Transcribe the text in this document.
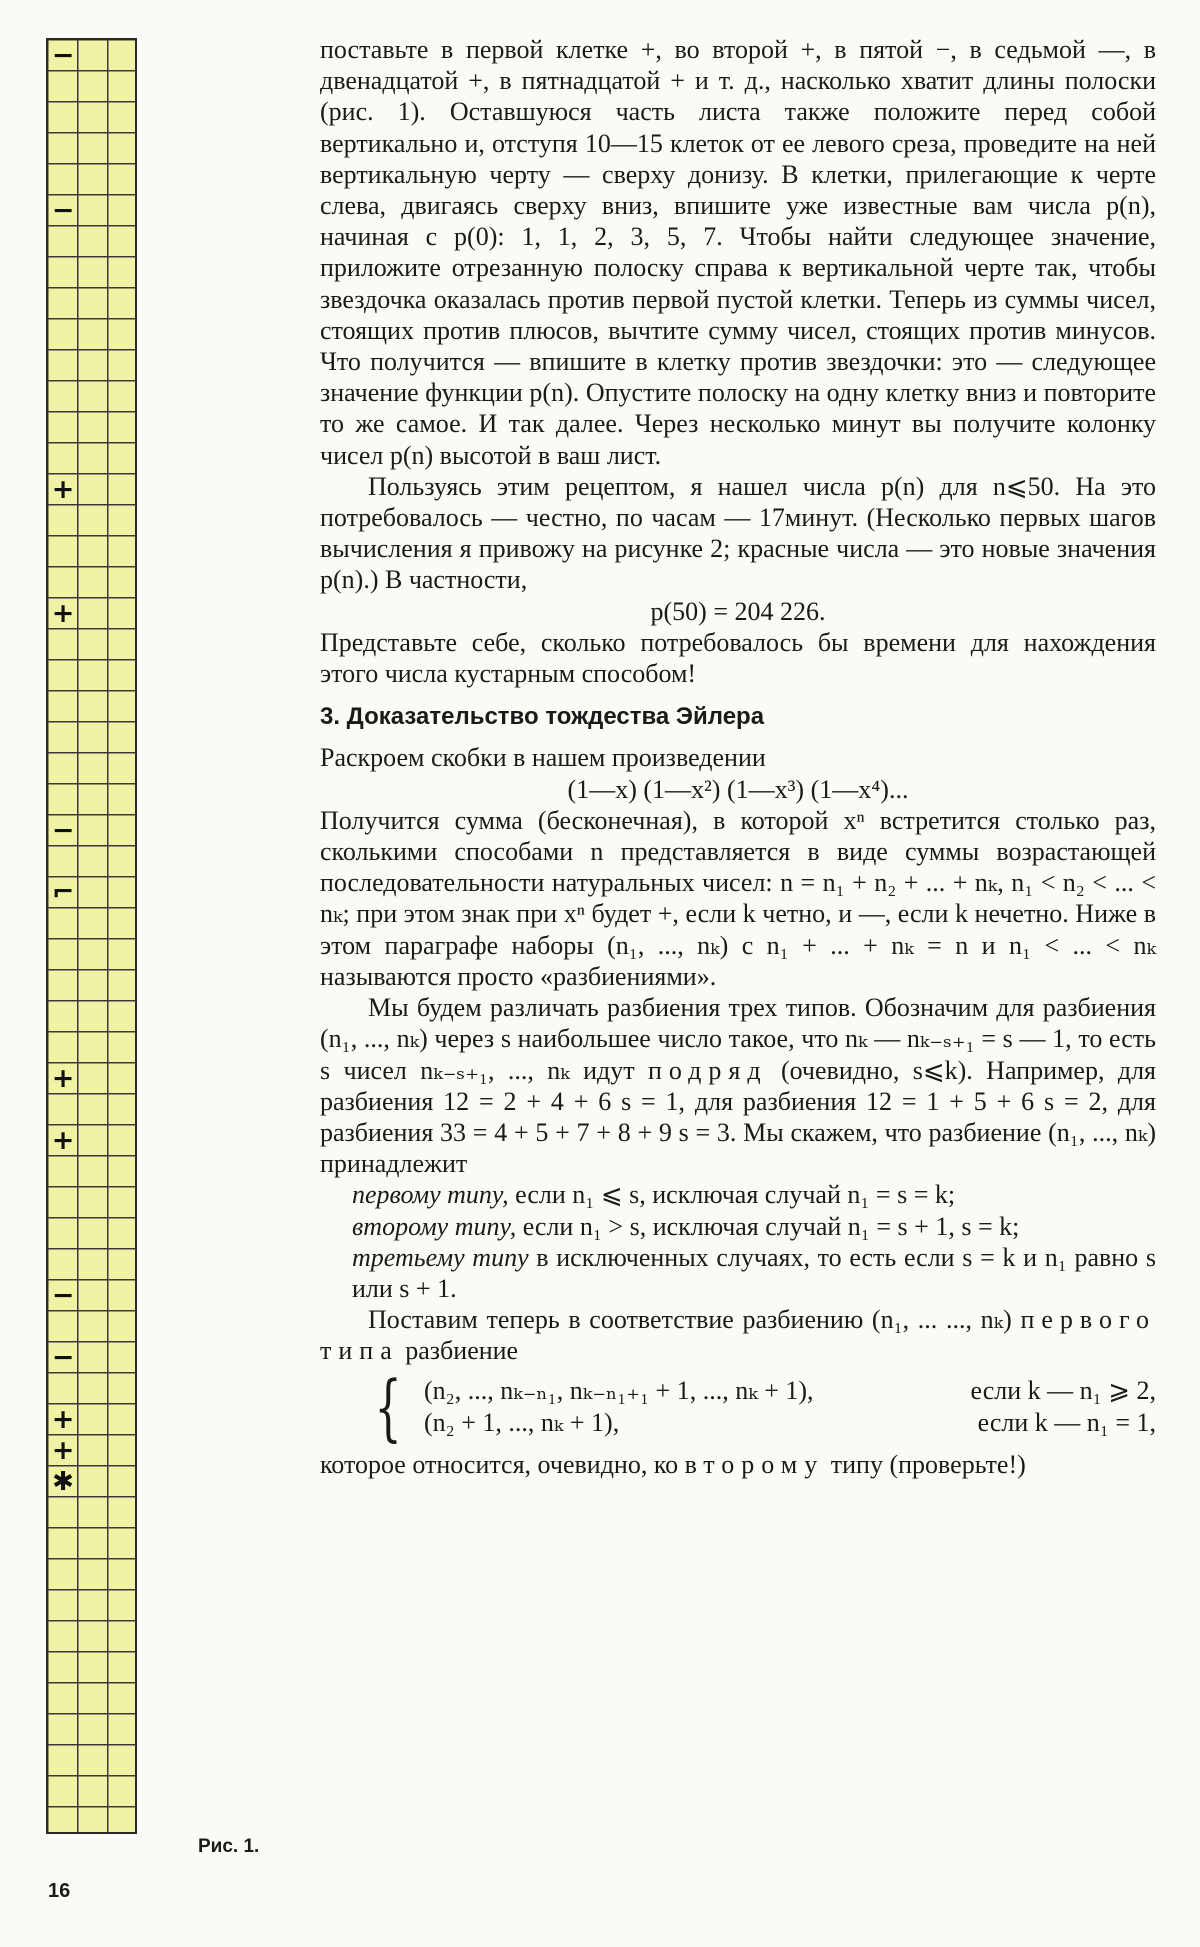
−
−
+
+
−
⌐
+
+
−
−
+
+
✱
Рис. 1.
16

поставьте в первой клетке +, во второй +, в пятой −, в седьмой —, в двенадцатой +, в пятнадцатой + и т. д., насколько хватит длины полоски (рис. 1). Оставшуюся часть листа также положите перед собой вертикально и, отступя 10—15 клеток от ее левого среза, проведите на ней вертикальную черту — сверху донизу. В клетки, прилегающие к черте слева, двигаясь сверху вниз, впишите уже известные вам числа p(n), начиная с p(0): 1, 1, 2, 3, 5, 7. Чтобы найти следующее значение, приложите отрезанную полоску справа к вертикальной черте так, чтобы звездочка оказалась против первой пустой клетки. Теперь из суммы чисел, стоящих против плюсов, вычтите сумму чисел, стоящих против минусов. Что получится — впишите в клетку против звездочки: это — следующее значение функции p(n). Опустите полоску на одну клетку вниз и повторите то же самое. И так далее. Через несколько минут вы получите колонку чисел p(n) высотой в ваш лист.

Пользуясь этим рецептом, я нашел числа p(n) для n⩽50. На это потребовалось — честно, по часам — 17минут. (Несколько первых шагов вычисления я привожу на рисунке 2; красные числа — это новые значения p(n).) В частности,

p(50) = 204 226.

Представьте себе, сколько потребовалось бы времени для нахождения этого числа кустарным способом!

3. Доказательство тождества Эйлера

Раскроем скобки в нашем произведении

(1—x) (1—x²) (1—x³) (1—x⁴)...

Получится сумма (бесконечная), в которой xⁿ встретится столько раз, сколькими способами n представляется в виде суммы возрастающей последовательности натуральных чисел: n = n₁ + n₂ + ... + nₖ, n₁ < n₂ < ... < nₖ; при этом знак при xⁿ будет +, если k четно, и —, если k нечетно. Ниже в этом параграфе наборы (n₁, ..., nₖ) с n₁ + ... + nₖ = n и n₁ < ... < nₖ называются просто «разбиениями».

Мы будем различать разбиения трех типов. Обозначим для разбиения (n₁, ..., nₖ) через s наибольшее число такое, что nₖ — nₖ₋ₛ₊₁ = s — 1, то есть s чисел nₖ₋ₛ₊₁, ..., nₖ идут подряд (очевидно, s⩽k). Например, для разбиения 12 = 2 + 4 + 6 s = 1, для разбиения 12 = 1 + 5 + 6 s = 2, для разбиения 33 = 4 + 5 + 7 + 8 + 9 s = 3. Мы скажем, что разбиение (n₁, ..., nₖ) принадлежит

первому типу, если n₁ ⩽ s, исключая случай n₁ = s = k;

второму типу, если n₁ > s, исключая случай n₁ = s + 1, s = k;

третьему типу в исключенных случаях, то есть если s = k и n₁ равно s или s + 1.

Поставим теперь в соответствие разбиению (n₁, ... ..., nₖ) первого типа разбиение

{ (n₂, ..., nₖ₋ₙ₁, nₖ₋ₙ₁₊₁ + 1, ..., nₖ + 1),	если k — n₁ ⩾ 2,
(n₂ + 1, ..., nₖ + 1),	если k — n₁ = 1,

которое относится, очевидно, ко второму типу (проверьте!)
